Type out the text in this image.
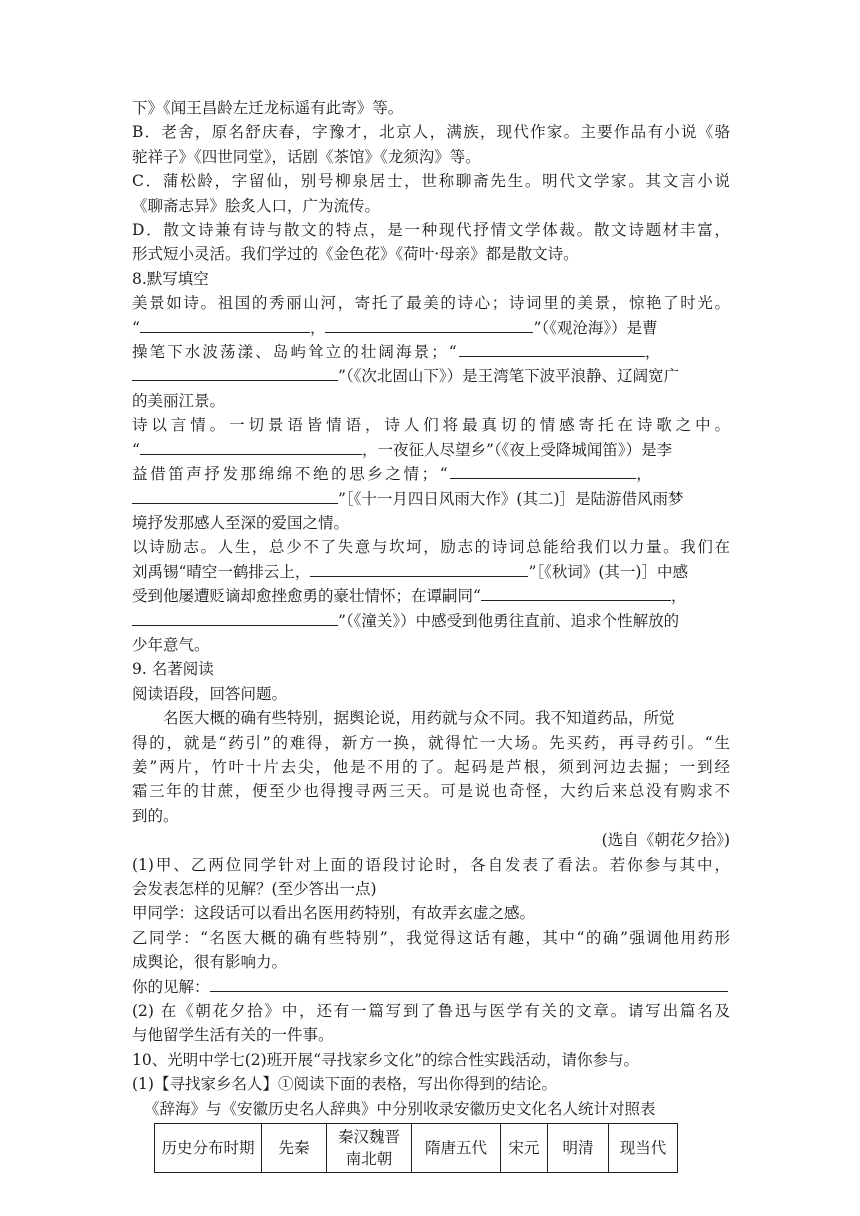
下》《闻王昌龄左迁龙标遥有此寄》等。
B．老舍，原名舒庆春，字豫才，北京人，满族，现代作家。主要作品有小说《骆
驼祥子》《四世同堂》，话剧《茶馆》《龙须沟》等。
C．蒲松龄，字留仙，别号柳泉居士，世称聊斋先生。明代文学家。其文言小说
《聊斋志异》脍炙人口，广为流传。
D．散文诗兼有诗与散文的特点，是一种现代抒情文学体裁。散文诗题材丰富，
形式短小灵活。我们学过的《金色花》《荷叶·母亲》都是散文诗。
8.默写填空
美景如诗。祖国的秀丽山河，寄托了最美的诗心；诗词里的美景，惊艳了时光。
“	，	”（《观沧海》）是曹
操笔下水波荡漾、岛屿耸立的壮阔海景；“	，
”（《次北固山下》）是王湾笔下波平浪静、辽阔宽广
的美丽江景。
诗以言情。一切景语皆情语，诗人们将最真切的情感寄托在诗歌之中。
“	，一夜征人尽望乡”（《夜上受降城闻笛》）是李
益借笛声抒发那绵绵不绝的思乡之情；“	，
”［《十一月四日风雨大作》(其二)］是陆游借风雨梦
境抒发那感人至深的爱国之情。
以诗励志。人生，总少不了失意与坎坷，励志的诗词总能给我们以力量。我们在
刘禹锡“晴空一鹤排云上，	”［《秋词》(其一)］中感
受到他屡遭贬谪却愈挫愈勇的豪壮情怀；在谭嗣同“	，
”（《潼关》）中感受到他勇往直前、追求个性解放的
少年意气。
9. 名著阅读
阅读语段，回答问题。
名医大概的确有些特别，据舆论说，用药就与众不同。我不知道药品，所觉
得的，就是“药引”的难得，新方一换，就得忙一大场。先买药，再寻药引。“生
姜”两片，竹叶十片去尖，他是不用的了。起码是芦根，须到河边去掘；一到经
霜三年的甘蔗，便至少也得搜寻两三天。可是说也奇怪，大约后来总没有购求不
到的。
(选自《朝花夕拾》)
(1)甲、乙两位同学针对上面的语段讨论时，各自发表了看法。若你参与其中，
会发表怎样的见解？(至少答出一点)
甲同学：这段话可以看出名医用药特别，有故弄玄虚之感。
乙同学：“名医大概的确有些特别”，我觉得这话有趣，其中“的确”强调他用药形
成舆论，很有影响力。
你的见解：
(2) 在《朝花夕拾》中，还有一篇写到了鲁迅与医学有关的文章。请写出篇名及
与他留学生活有关的一件事。
10、光明中学七(2)班开展“寻找家乡文化”的综合性实践活动，请你参与。
(1)【寻找家乡名人】①阅读下面的表格，写出你得到的结论。
《辞海》与《安徽历史名人辞典》中分别收录安徽历史文化名人统计对照表
历史分布时期	先秦	秦汉魏晋南北朝	隋唐五代	宋元	明清	现当代
